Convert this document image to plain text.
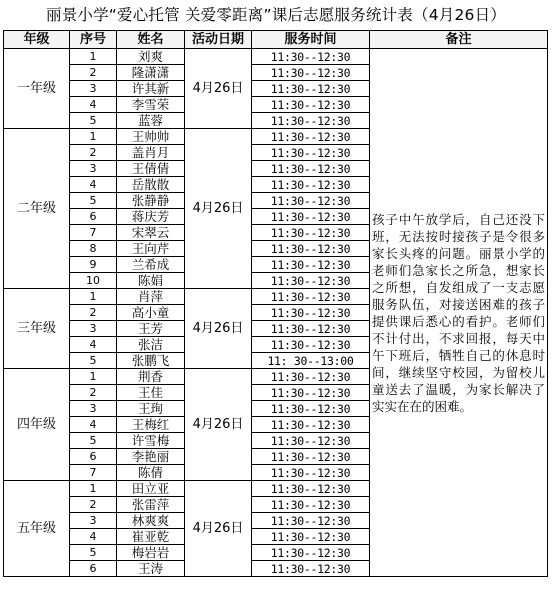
丽景小学“爱心托管 关爱零距离”课后志愿服务统计表（4月26日）
年级	序号	姓名	活动日期	服务时间	备注
一年级	1	刘爽	4月26日	11:30--12:30	孩子中午放学后，自己还没下班，无法按时接孩子是令很多家长头疼的问题。丽景小学的老师们急家长之所急，想家长之所想，自发组成了一支志愿服务队伍，对接送困难的孩子提供课后悉心的看护。老师们不计付出，不求回报，每天中午下班后，牺牲自己的休息时间，继续坚守校园，为留校儿童送去了温暖，为家长解决了实实在在的困难。

	2	隆潇潇		11:30--12:30	
	3	许其新		11:30--12:30	
	4	李雪荣		11:30--12:30	
	5	蓝蓉		11:30--12:30	
二年级	1	王帅帅	4月26日	11:30--12:30	
	2	盖肖月		11:30--12:30	
	3	王倩倩		11:30--12:30	
	4	岳散散		11:30--12:30	
	5	张静静		11:30--12:30	
	6	蒋庆芳		11:30--12:30	
	7	宋翠云		11:30--12:30	
	8	王向芹		11:30--12:30	
	9	兰希成		11:30--12:30	
	10	陈娟		11:30--12:30	
三年级	1	肖萍	4月26日	11:30--12:30	
	2	高小童		11:30--12:30	
	3	王芳		11:30--12:30	
	4	张洁		11:30--12:30	
	5	张鹏飞		11: 30--13:00	
四年级	1	荆香	4月26日	11:30--12:30	
	2	王佳		11:30--12:30	
	3	王珣		11:30--12:30	
	4	王梅红		11:30--12:30	
	5	许雪梅		11:30--12:30	
	6	李艳丽		11:30--12:30	
	7	陈倩		11:30--12:30	
五年级	1	田立亚	4月26日	11:30--12:30	
	2	张雷萍		11:30--12:30	
	3	林爽爽		11:30--12:30	
	4	崔亚乾		11:30--12:30	
	5	梅岩岩		11:30--12:30	
	6	王涛		11:30--12:30	
